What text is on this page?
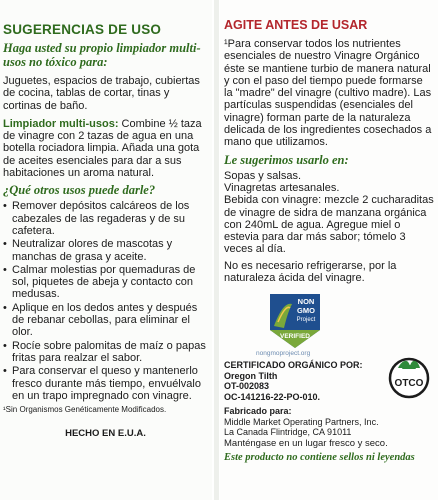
SUGERENCIAS DE USO

Haga usted su propio limpiador multi-usos no tóxico para:

Juguetes, espacios de trabajo, cubiertas de cocina, tablas de cortar, tinas y cortinas de baño.

Limpiador multi-usos: Combine ½ taza de vinagre con 2 tazas de agua en una botella rociadora limpia. Añada una gota de aceites esenciales para dar a sus habitaciones un aroma natural.

¿Qué otros usos puede darle?
• Remover depósitos calcáreos de los cabezales de las regaderas y de su cafetera.
• Neutralizar olores de mascotas y manchas de grasa y aceite.
• Calmar molestias por quemaduras de sol, piquetes de abeja y contacto con medusas.
• Aplique en los dedos antes y después de rebanar cebollas, para eliminar el olor.
• Rocíe sobre palomitas de maíz o papas fritas para realzar el sabor.
• Para conservar el queso y mantenerlo fresco durante más tiempo, envuélvalo en un trapo impregnado con vinagre.
¹Sin Organismos Genéticamente Modificados.
HECHO EN E.U.A.
AGITE ANTES DE USAR

¹Para conservar todos los nutrientes esenciales de nuestro Vinagre Orgánico éste se mantiene turbio de manera natural y con el paso del tiempo puede formarse la "madre" del vinagre (cultivo madre). Las partículas suspendidas (esenciales del vinagre) forman parte de la naturaleza delicada de los ingredientes cosechados a mano que utilizamos.

Le sugerimos usarlo en:
Sopas y salsas.
Vinagretas artesanales.

Bebida con vinagre: mezcle 2 cucharaditas de vinagre de sidra de manzana orgánica con 240mL de agua. Agregue miel o estevia para dar más sabor; tómelo 3 veces al día.

No es necesario refrigerarse, por la naturaleza ácida del vinagre.

NON
GMO
Project
VERIFIED
nongmoproject.org
CERTIFICADO ORGÁNICO POR:
Oregon Tilth
OT-002083
OC-141216-22-PO-010.
OTCO
Fabricado para:
Middle Market Operating Partners, Inc.
La Canada Flintridge, CA 91011
Manténgase en un lugar fresco y seco.
Este producto no contiene sellos ni leyendas
